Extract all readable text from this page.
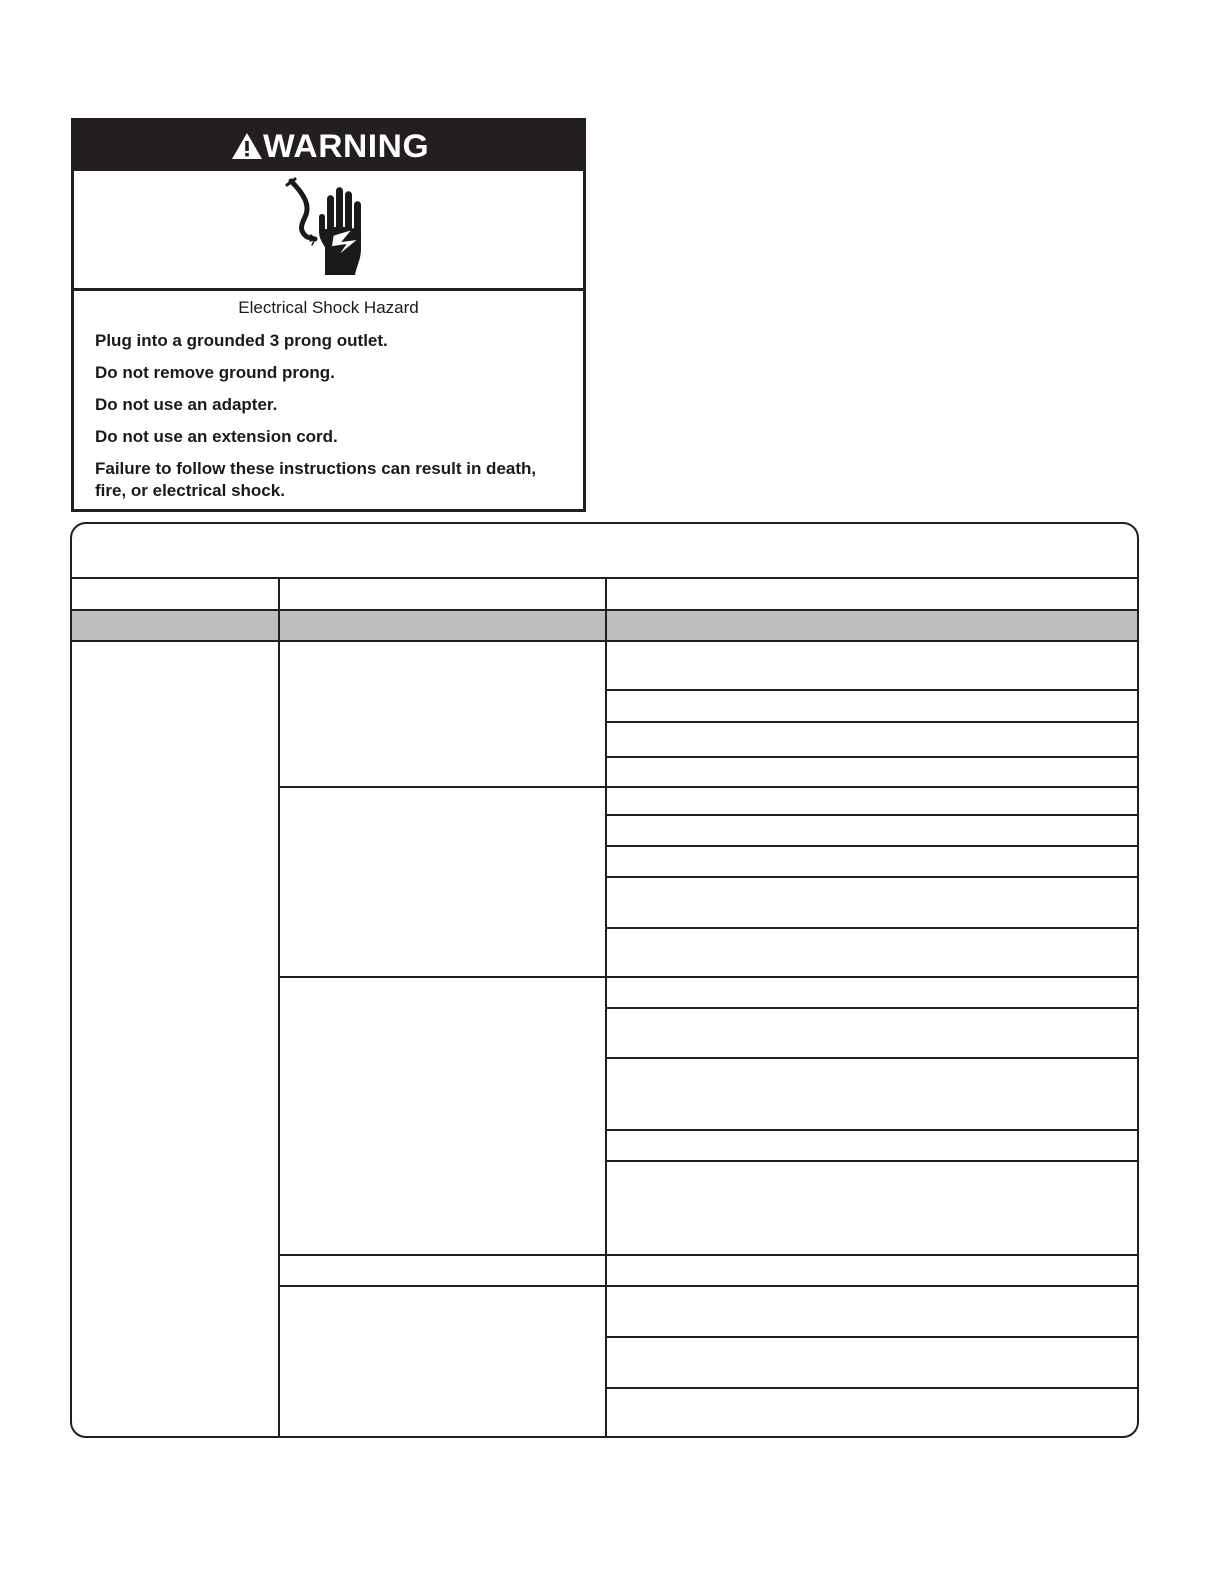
WARNING
Electrical Shock Hazard
Plug into a grounded 3 prong outlet.
Do not remove ground prong.
Do not use an adapter.
Do not use an extension cord.
Failure to follow these instructions can result in death, fire, or electrical shock.
